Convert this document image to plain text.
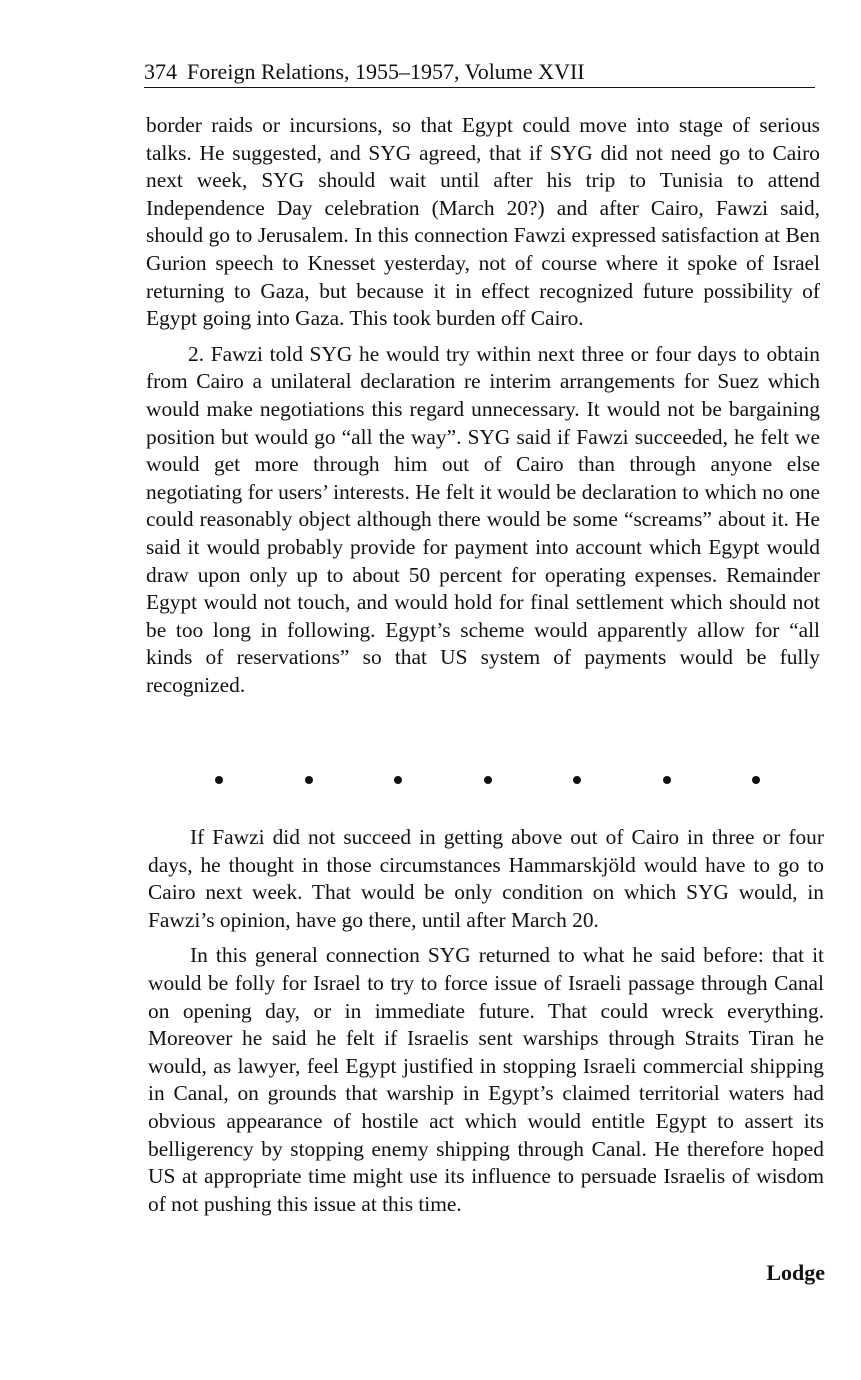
374 Foreign Relations, 1955–1957, Volume XVII

border raids or incursions, so that Egypt could move into stage of serious talks. He suggested, and SYG agreed, that if SYG did not need go to Cairo next week, SYG should wait until after his trip to Tunisia to attend Independence Day celebration (March 20?) and after Cairo, Fawzi said, should go to Jerusalem. In this connection Fawzi expressed satisfaction at Ben Gurion speech to Knesset yesterday, not of course where it spoke of Israel returning to Gaza, but because it in effect recognized future possibility of Egypt going into Gaza. This took burden off Cairo.

2. Fawzi told SYG he would try within next three or four days to obtain from Cairo a unilateral declaration re interim arrangements for Suez which would make negotiations this regard unnecessary. It would not be bargaining position but would go “all the way”. SYG said if Fawzi succeeded, he felt we would get more through him out of Cairo than through anyone else negotiating for users’ interests. He felt it would be declaration to which no one could reasonably object although there would be some “screams” about it. He said it would probably provide for payment into account which Egypt would draw upon only up to about 50 percent for operating expenses. Remainder Egypt would not touch, and would hold for final settlement which should not be too long in following. Egypt’s scheme would apparently allow for “all kinds of reservations” so that US system of payments would be fully recognized.

If Fawzi did not succeed in getting above out of Cairo in three or four days, he thought in those circumstances Hammarskjöld would have to go to Cairo next week. That would be only condition on which SYG would, in Fawzi’s opinion, have go there, until after March 20.

In this general connection SYG returned to what he said before: that it would be folly for Israel to try to force issue of Israeli passage through Canal on opening day, or in immediate future. That could wreck everything. Moreover he said he felt if Israelis sent warships through Straits Tiran he would, as lawyer, feel Egypt justified in stopping Israeli commercial shipping in Canal, on grounds that warship in Egypt’s claimed territorial waters had obvious appearance of hostile act which would entitle Egypt to assert its belligerency by stopping enemy shipping through Canal. He therefore hoped US at appropriate time might use its influence to persuade Israelis of wisdom of not pushing this issue at this time.

Lodge
